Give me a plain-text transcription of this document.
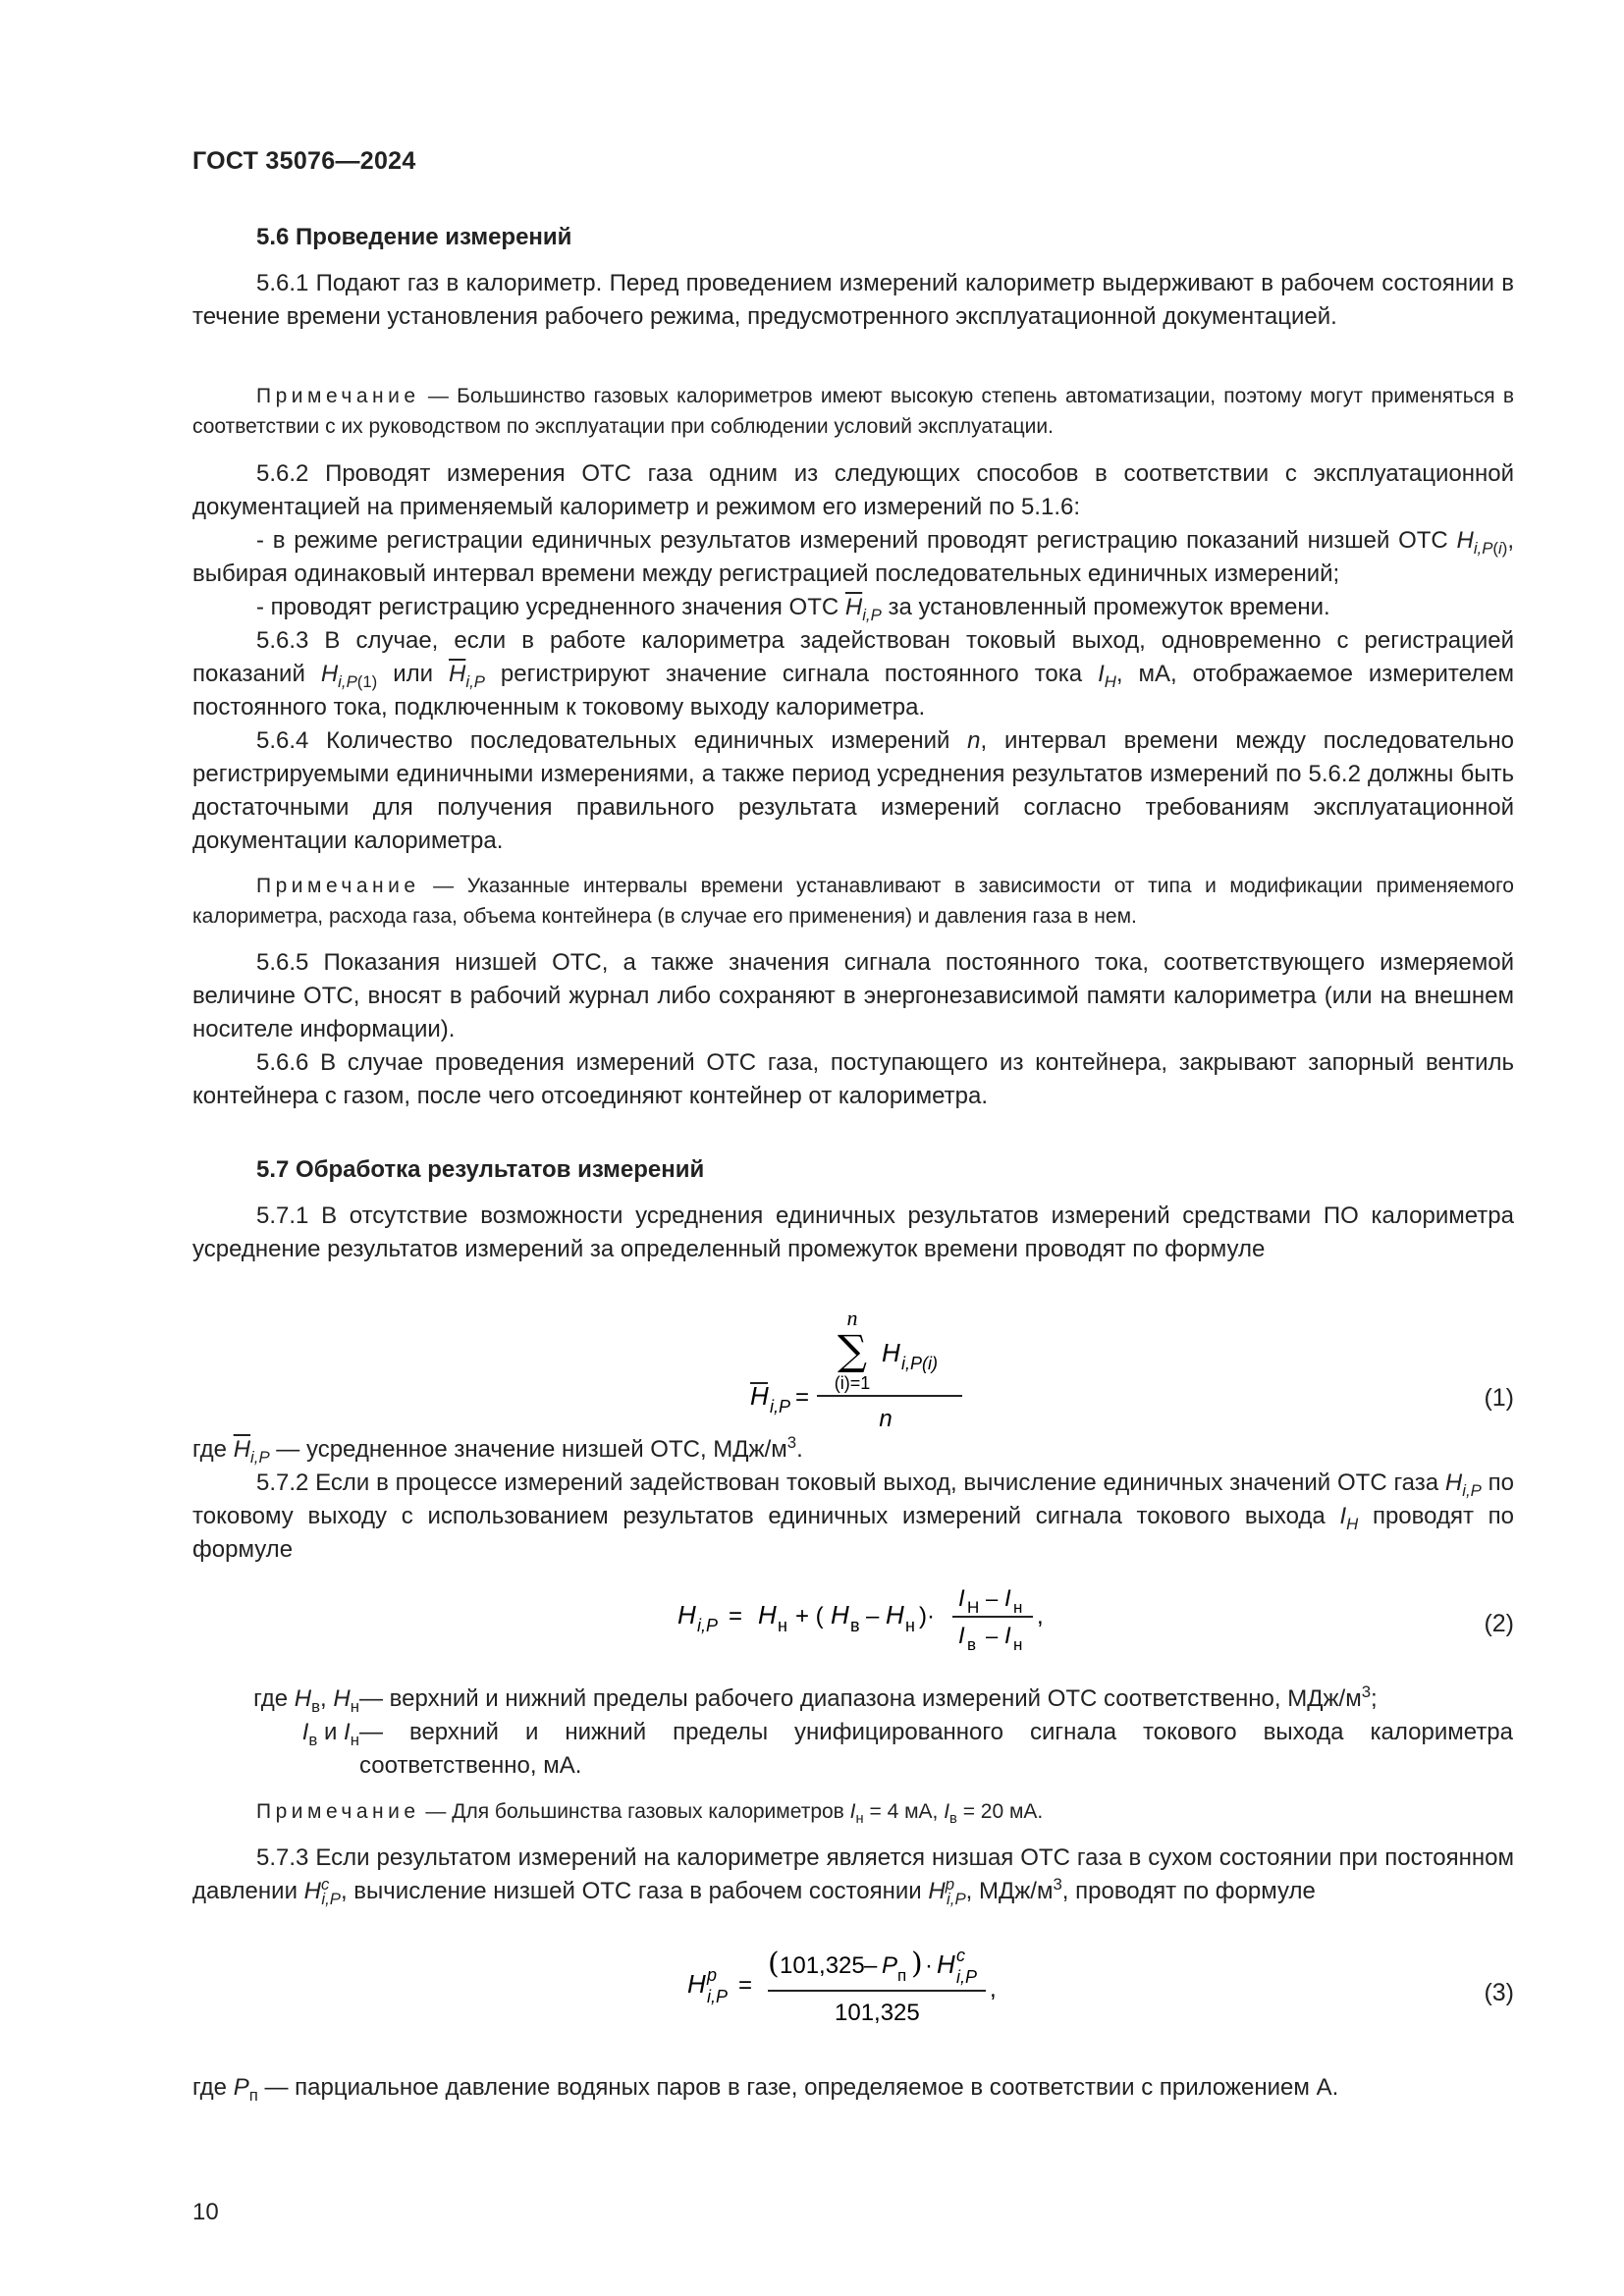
ГОСТ 35076—2024
5.6 Проведение измерений

5.6.1 Подают газ в калориметр. Перед проведением измерений калориметр выдерживают в рабочем состоянии в течение времени установления рабочего режима, предусмотренного эксплуатационной документацией.

Примечание — Большинство газовых калориметров имеют высокую степень автоматизации, поэтому могут применяться в соответствии с их руководством по эксплуатации при соблюдении условий эксплуатации.

5.6.2 Проводят измерения ОТС газа одним из следующих способов в соответствии с эксплуатационной документацией на применяемый калориметр и режимом его измерений по 5.1.6:

- в режиме регистрации единичных результатов измерений проводят регистрацию показаний низшей ОТС $H_{i,P(i)}$, выбирая одинаковый интервал времени между регистрацией последовательных единичных измерений;

- проводят регистрацию усредненного значения ОТС $\overline{H}_{i,P}$ за установленный промежуток времени.

5.6.3 В случае, если в работе калориметра задействован токовый выход, одновременно с регистрацией показаний $H_{i,P(1)}$ или $\overline{H}_{i,P}$ регистрируют значение сигнала постоянного тока $I_H$, мА, отображаемое измерителем постоянного тока, подключенным к токовому выходу калориметра.

5.6.4 Количество последовательных единичных измерений n, интервал времени между последовательно регистрируемыми единичными измерениями, а также период усреднения результатов измерений по 5.6.2 должны быть достаточными для получения правильного результата измерений согласно требованиям эксплуатационной документации калориметра.

Примечание — Указанные интервалы времени устанавливают в зависимости от типа и модификации применяемого калориметра, расхода газа, объема контейнера (в случае его применения) и давления газа в нем.

5.6.5 Показания низшей ОТС, а также значения сигнала постоянного тока, соответствующего измеряемой величине ОТС, вносят в рабочий журнал либо сохраняют в энергонезависимой памяти калориметра (или на внешнем носителе информации).

5.6.6 В случае проведения измерений ОТС газа, поступающего из контейнера, закрывают запорный вентиль контейнера с газом, после чего отсоединяют контейнер от калориметра.

5.7 Обработка результатов измерений

5.7.1 В отсутствие возможности усреднения единичных результатов измерений средствами ПО калориметра усреднение результатов измерений за определенный промежуток времени проводят по формуле

n
∑
(i)=1
H i,P(i)
n
H i,P =	(1)

где $\overline{H}_{i,P}$ — усредненное значение низшей ОТС, МДж/$м^3$.

5.7.2 Если в процессе измерений задействован токовый выход, вычисление единичных значений ОТС газа $H_{i,P}$ по токовому выходу с использованием результатов единичных измерений сигнала токового выхода $I_H$ проводят по формуле

H i,P = H н + ( H в – H н )·
I Н – I н
I в – I н
,	(2)
где $H_в$, $H_н—$ верхний и нижний пределы рабочего диапазона измерений ОТС соответственно, МДж/$м^3$;
$I_в$ и $I_н—$ верхний и нижний пределы унифицированного сигнала токового выхода калориметра соответственно, мА.

Примечание — Для большинства газовых калориметров $I_н = 4$ мА, $I_в = 20$ мА.

5.7.3 Если результатом измерений на калориметре является низшая ОТС газа в сухом состоянии при постоянном давлении $H^c_{i,P}$, вычисление низшей ОТС газа в рабочем состоянии $H^p_{i,P}$, МДж/$м^3$, проводят по формуле

H p
i,P =
( 101,325 – P п ) · H c
i,P
101,325
,	(3)

где $P_п$ — парциальное давление водяных паров в газе, определяемое в соответствии с приложением А.

10
